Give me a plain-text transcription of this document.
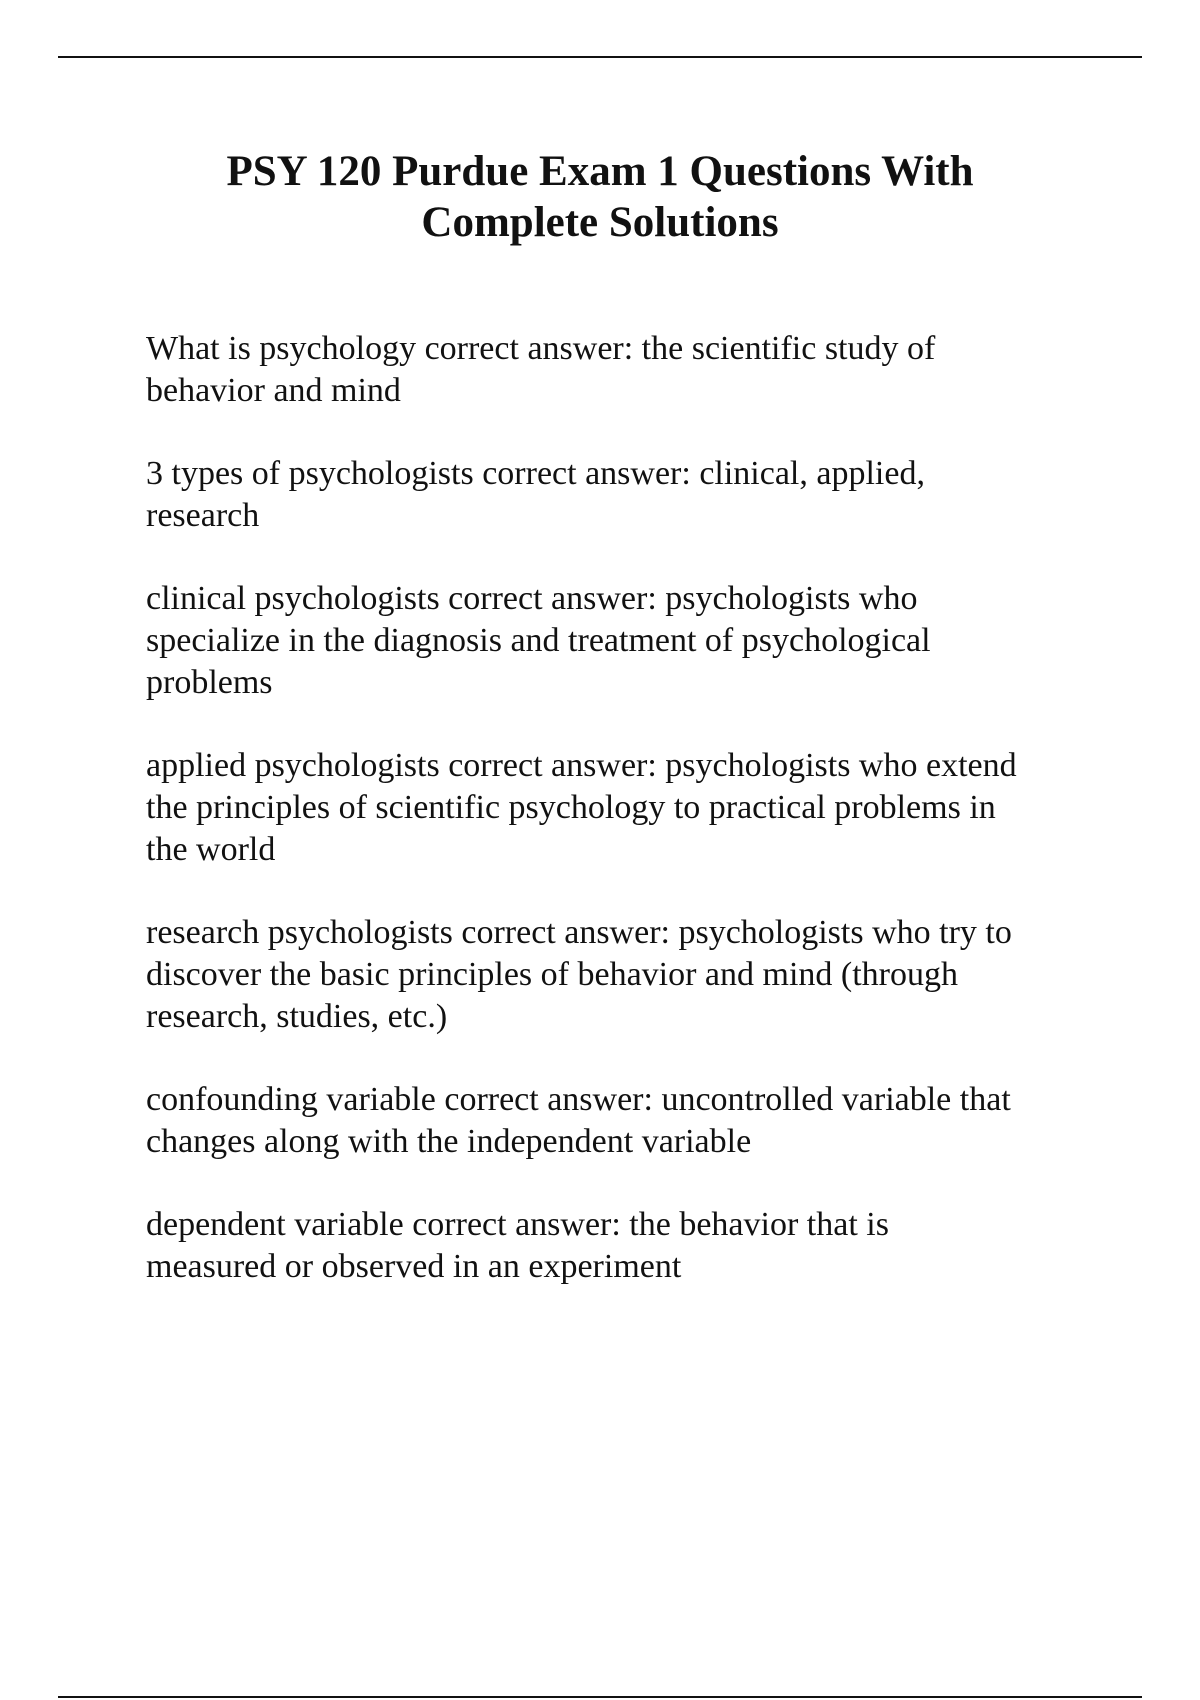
PSY 120 Purdue Exam 1 Questions With
Complete Solutions

What is psychology correct answer: the scientific study of
behavior and mind

3 types of psychologists correct answer: clinical, applied,
research

clinical psychologists correct answer: psychologists who
specialize in the diagnosis and treatment of psychological
problems

applied psychologists correct answer: psychologists who extend
the principles of scientific psychology to practical problems in
the world

research psychologists correct answer: psychologists who try to
discover the basic principles of behavior and mind (through
research, studies, etc.)

confounding variable correct answer: uncontrolled variable that
changes along with the independent variable

dependent variable correct answer: the behavior that is
measured or observed in an experiment
